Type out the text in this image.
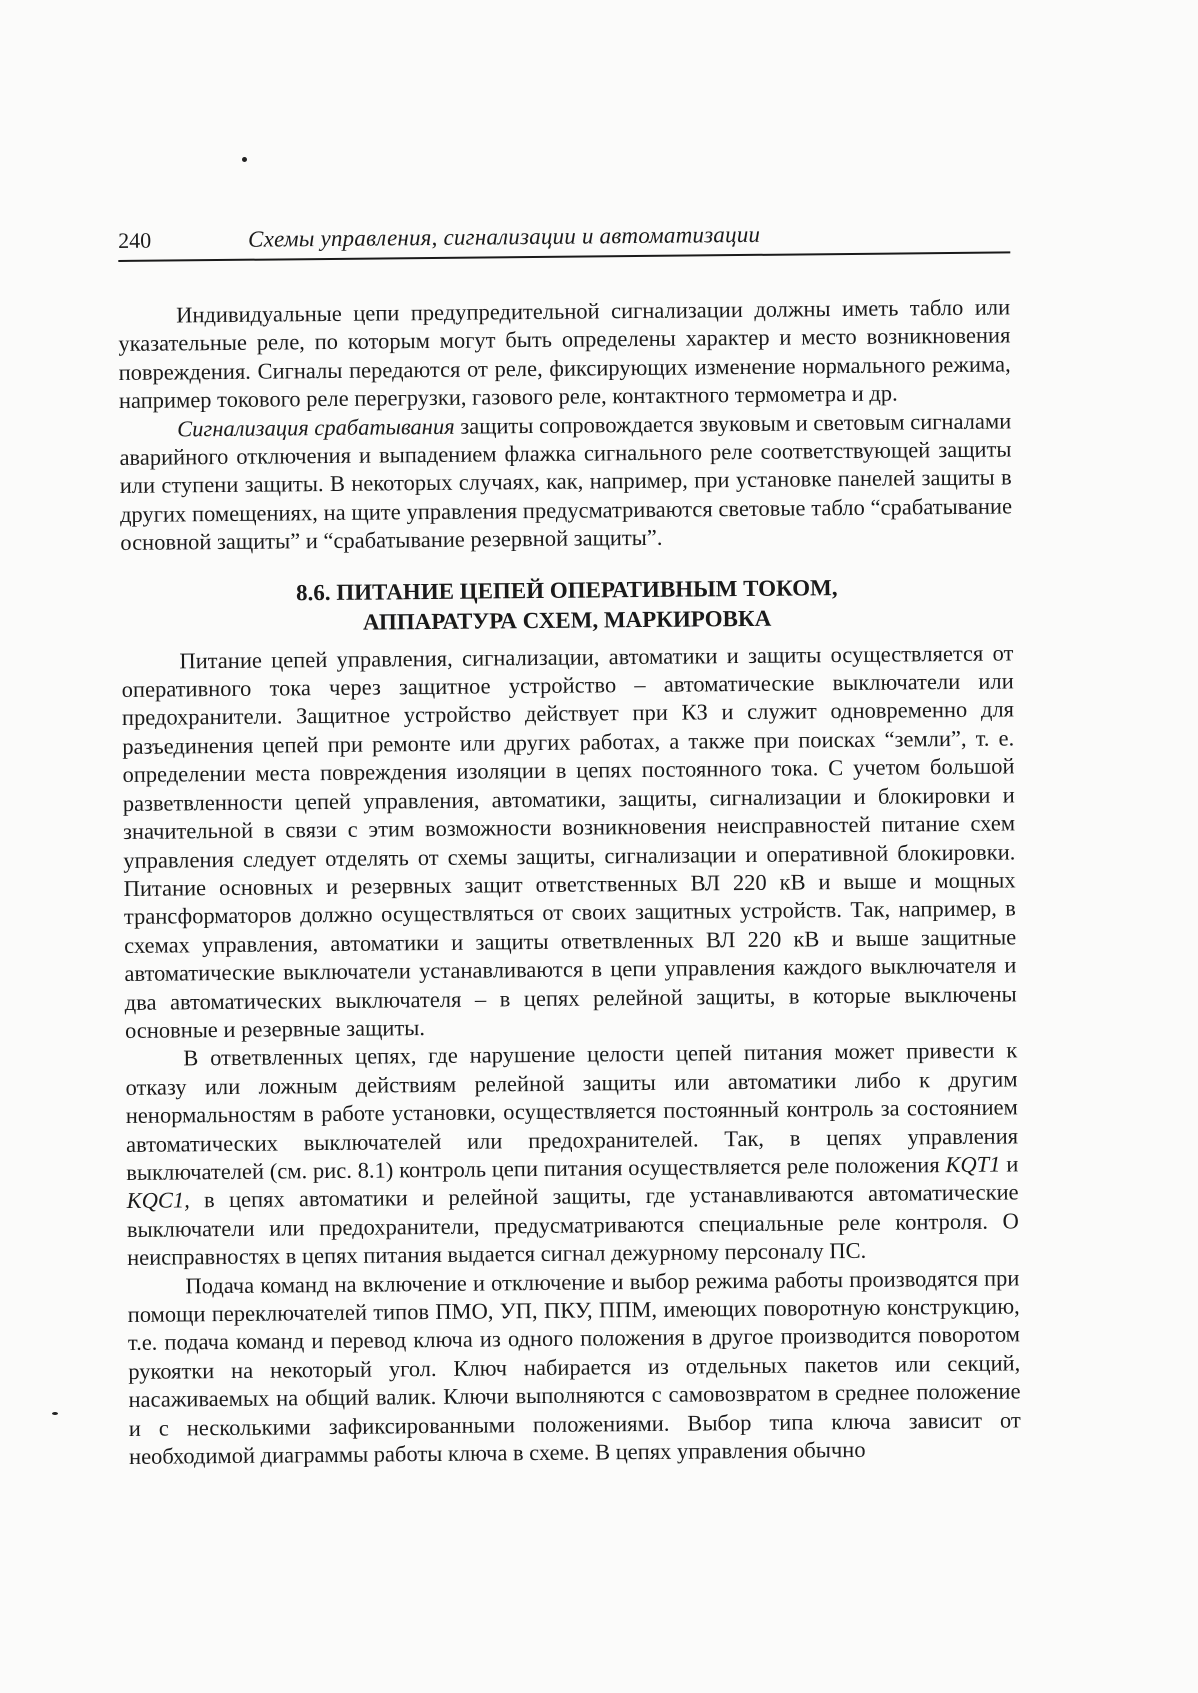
240	Схемы управления, сигнализации и автоматизации

Индивидуальные цепи предупредительной сигнализации должны иметь табло или указательные реле, по которым могут быть определены характер и место возникновения повреждения. Сигналы передаются от реле, фиксирующих изменение нормального режима, например токового реле перегрузки, газового реле, контактного термометра и др.

Сигнализация срабатывания защиты сопровождается звуковым и световым сигналами аварийного отключения и выпадением флажка сигнального реле соответствующей защиты или ступени защиты. В некоторых случаях, как, например, при установке панелей защиты в других помещениях, на щите управления предусматриваются световые табло “срабатывание основной защиты” и “срабатывание резервной защиты”.

8.6. ПИТАНИЕ ЦЕПЕЙ ОПЕРАТИВНЫМ ТОКОМ,
АППАРАТУРА СХЕМ, МАРКИРОВКА

Питание цепей управления, сигнализации, автоматики и защиты осуществляется от оперативного тока через защитное устройство – автоматические выключатели или предохранители. Защитное устройство действует при КЗ и служит одновременно для разъединения цепей при ремонте или других работах, а также при поисках “земли”, т. е. определении места повреждения изоляции в цепях постоянного тока. С учетом большой разветвленности цепей управления, автоматики, защиты, сигнализации и блокировки и значительной в связи с этим возможности возникновения неисправностей питание схем управления следует отделять от схемы защиты, сигнализации и оперативной блокировки. Питание основных и резервных защит ответственных ВЛ 220 кВ и выше и мощных трансформаторов должно осуществляться от своих защитных устройств. Так, например, в схемах управления, автоматики и защиты ответвленных ВЛ 220 кВ и выше защитные автоматические выключатели устанавливаются в цепи управления каждого выключателя и два автоматических выключателя – в цепях релейной защиты, в которые выключены основные и резервные защиты.

В ответвленных цепях, где нарушение целости цепей питания может привести к отказу или ложным действиям релейной защиты или автоматики либо к другим ненормальностям в работе установки, осуществляется постоянный контроль за состоянием автоматических выключателей или предохранителей. Так, в цепях управления выключателей (см. рис. 8.1) контроль цепи питания осуществляется реле положения KQT1 и KQC1, в цепях автоматики и релейной защиты, где устанавливаются автоматические выключатели или предохранители, предусматриваются специальные реле контроля. О неисправностях в цепях питания выдается сигнал дежурному персоналу ПС.

Подача команд на включение и отключение и выбор режима работы производятся при помощи переключателей типов ПМО, УП, ПКУ, ППМ, имеющих поворотную конструкцию, т.е. подача команд и перевод ключа из одного положения в другое производится поворотом рукоятки на некоторый угол. Ключ набирается из отдельных пакетов или секций, насаживаемых на общий валик. Ключи выполняются с самовозвратом в среднее положение и с несколькими зафиксированными положениями. Выбор типа ключа зависит от необходимой диаграммы работы ключа в схеме. В цепях управления обычно
